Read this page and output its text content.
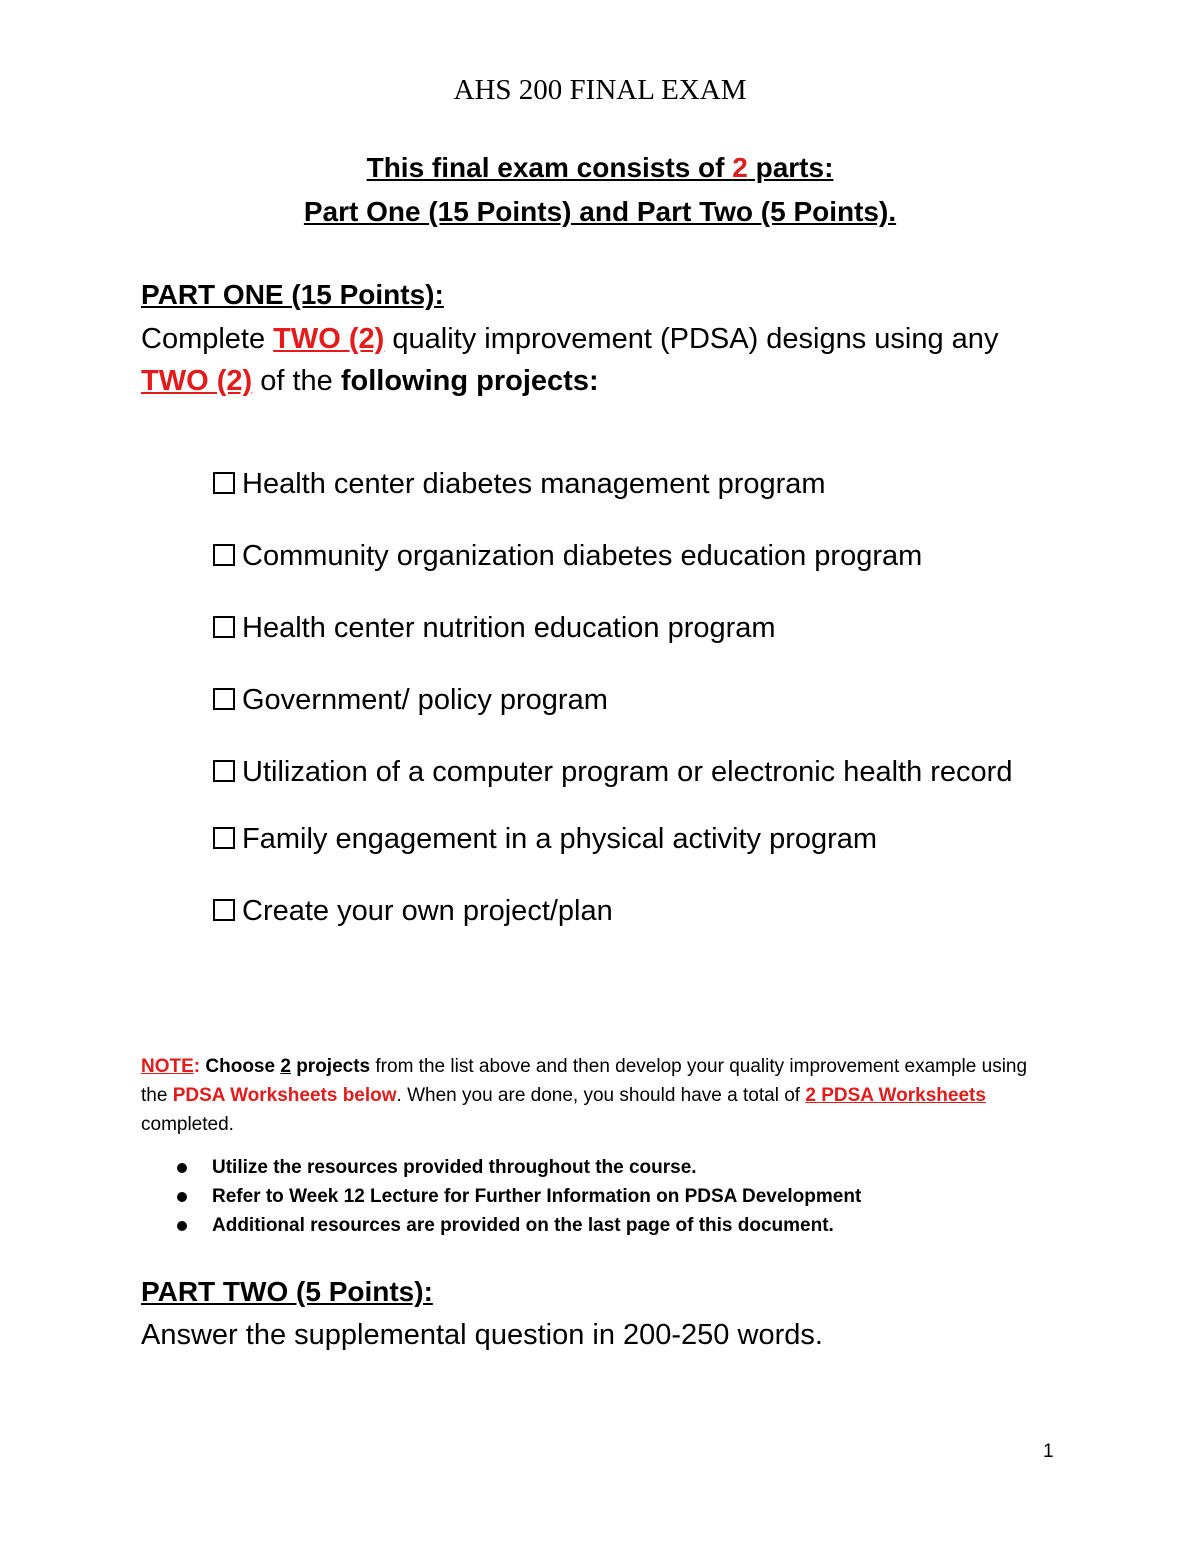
AHS 200 FINAL EXAM
This final exam consists of 2 parts:
Part One (15 Points) and Part Two (5 Points).
PART ONE (15 Points):
Complete TWO (2) quality improvement (PDSA) designs using any TWO (2) of the following projects:
Health center diabetes management program
Community organization diabetes education program
Health center nutrition education program
Government/ policy program
Utilization of a computer program or electronic health record
Family engagement in a physical activity program
Create your own project/plan
NOTE: Choose 2 projects from the list above and then develop your quality improvement example using the PDSA Worksheets below. When you are done, you should have a total of 2 PDSA Worksheets completed.
Utilize the resources provided throughout the course.
Refer to Week 12 Lecture for Further Information on PDSA Development
Additional resources are provided on the last page of this document.
PART TWO (5 Points):
Answer the supplemental question in 200-250 words.
1
